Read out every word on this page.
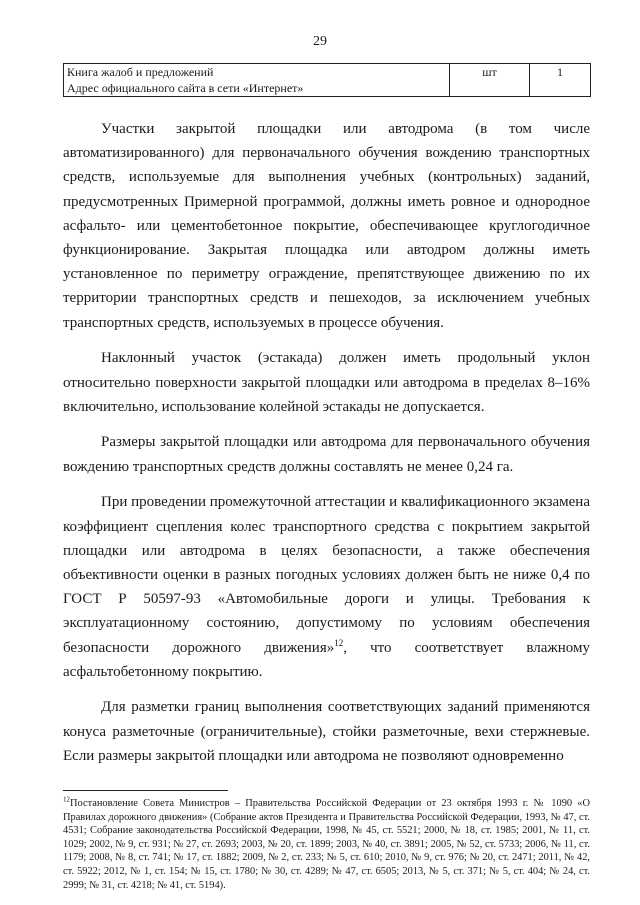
29
Книга жалоб и предложений
Адрес официального сайта в сети «Интернет»
	шт	1

Участки закрытой площадки или автодрома (в том числе автоматизированного) для первоначального обучения вождению транспортных средств, используемые для выполнения учебных (контрольных) заданий, предусмотренных Примерной программой, должны иметь ровное и однородное асфальто- или цементобетонное покрытие, обеспечивающее круглогодичное функционирование. Закрытая площадка или автодром должны иметь установленное по периметру ограждение, препятствующее движению по их территории транспортных средств и пешеходов, за исключением учебных транспортных средств, используемых в процессе обучения.

Наклонный участок (эстакада) должен иметь продольный уклон относительно поверхности закрытой площадки или автодрома в пределах 8–16% включительно, использование колейной эстакады не допускается.

Размеры закрытой площадки или автодрома для первоначального обучения вождению транспортных средств должны составлять не менее 0,24 га.

При проведении промежуточной аттестации и квалификационного экзамена коэффициент сцепления колес транспортного средства с покрытием закрытой площадки или автодрома в целях безопасности, а также обеспечения объективности оценки в разных погодных условиях должен быть не ниже 0,4 по ГОСТ Р 50597-93 «Автомобильные дороги и улицы. Требования к эксплуатационному состоянию, допустимому по условиям обеспечения безопасности дорожного движения»$^{12}$, что соответствует влажному асфальтобетонному покрытию.

Для разметки границ выполнения соответствующих заданий применяются конуса разметочные (ограничительные), стойки разметочные, вехи стержневые. Если размеры закрытой площадки или автодрома не позволяют одновременно

$^{12}$Постановление Совета Министров – Правительства Российской Федерации от 23 октября 1993 г. № 1090 «О Правилах дорожного движения» (Собрание актов Президента и Правительства Российской Федерации, 1993, № 47, ст. 4531; Собрание законодательства Российской Федерации, 1998, № 45, ст. 5521; 2000, № 18, ст. 1985; 2001, № 11, ст. 1029; 2002, № 9, ст. 931; № 27, ст. 2693; 2003, № 20, ст. 1899; 2003, № 40, ст. 3891; 2005, № 52, ст. 5733; 2006, № 11, ст. 1179; 2008, № 8, ст. 741; № 17, ст. 1882; 2009, № 2, ст. 233; № 5, ст. 610; 2010, № 9, ст. 976; № 20, ст. 2471; 2011, № 42, ст. 5922; 2012, № 1, ст. 154; № 15, ст. 1780; № 30, ст. 4289; № 47, ст. 6505; 2013, № 5, ст. 371; № 5, ст. 404; № 24, ст. 2999; № 31, ст. 4218; № 41, ст. 5194).
